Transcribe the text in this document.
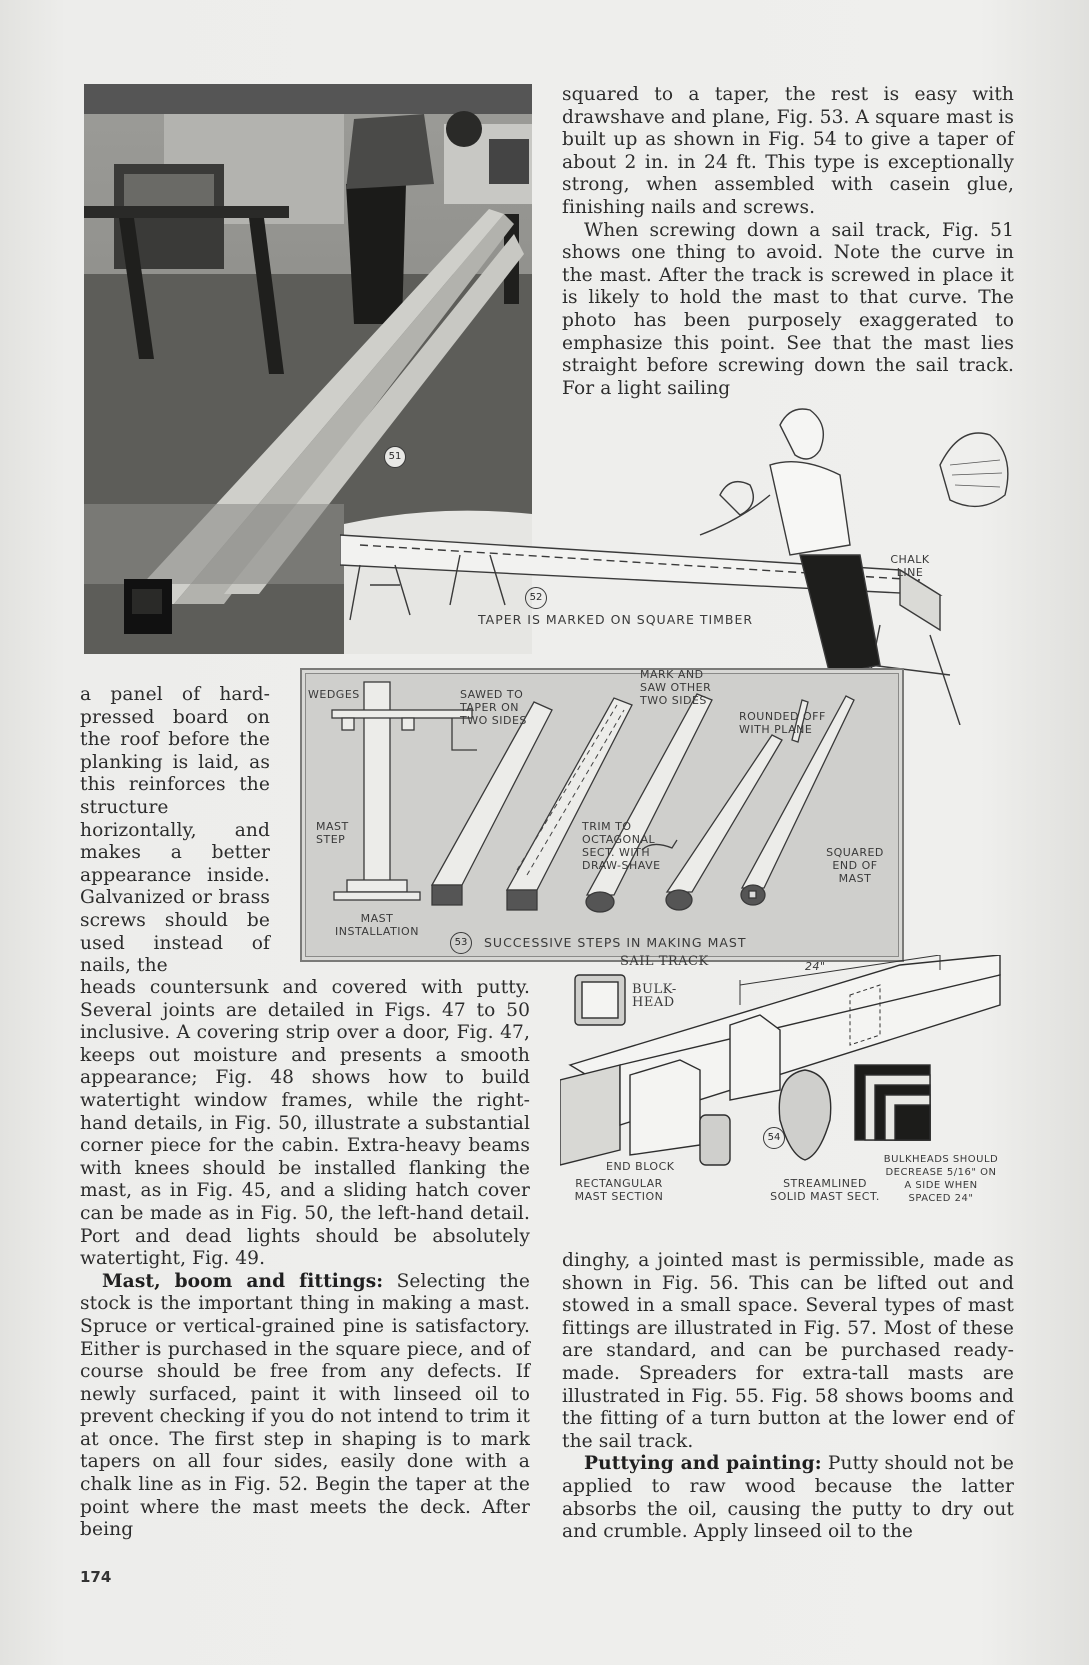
51

squared to a taper, the rest is easy with drawshave and plane, Fig. 53. A square mast is built up as shown in Fig. 54 to give a taper of about 2 in. in 24 ft. This type is exceptionally strong, when assembled with casein glue, finishing nails and screws.

When screwing down a sail track, Fig. 51 shows one thing to avoid. Note the curve in the mast. After the track is screwed in place it is likely to hold the mast to that curve. The photo has been purposely exaggerated to emphasize this point. See that the mast lies straight before screwing down the sail track. For a light sailing

CHALK LINE
52
TAPER IS MARKED ON SQUARE TIMBER

a panel of hard-pressed board on the roof before the planking is laid, as this reinforces the structure horizontally, and makes a better appearance inside. Galvanized or brass screws should be used instead of nails, the

WEDGES
MAST STEP
MAST INSTALLATION
SAWED TO TAPER ON TWO SIDES
MARK AND SAW OTHER TWO SIDES
ROUNDED OFF WITH PLANE
TRIM TO OCTAGONAL SECT. WITH DRAW-SHAVE
SQUARED END OF MAST
53	SUCCESSIVE STEPS IN MAKING MAST
SAIL TRACK
BULK-HEAD
24"
END BLOCK
RECTANGULAR MAST SECTION
54
STREAMLINED SOLID MAST SECT.
BULKHEADS SHOULD DECREASE 5/16" ON A SIDE WHEN SPACED 24"

heads countersunk and covered with putty. Several joints are detailed in Figs. 47 to 50 inclusive. A covering strip over a door, Fig. 47, keeps out moisture and presents a smooth appearance; Fig. 48 shows how to build watertight window frames, while the right-hand details, in Fig. 50, illustrate a substantial corner piece for the cabin. Extra-heavy beams with knees should be installed flanking the mast, as in Fig. 45, and a sliding hatch cover can be made as in Fig. 50, the left-hand detail. Port and dead lights should be absolutely watertight, Fig. 49.

Mast, boom and fittings: Selecting the stock is the important thing in making a mast. Spruce or vertical-grained pine is satisfactory. Either is purchased in the square piece, and of course should be free from any defects. If newly surfaced, paint it with linseed oil to prevent checking if you do not intend to trim it at once. The first step in shaping is to mark tapers on all four sides, easily done with a chalk line as in Fig. 52. Begin the taper at the point where the mast meets the deck. After being

dinghy, a jointed mast is permissible, made as shown in Fig. 56. This can be lifted out and stowed in a small space. Several types of mast fittings are illustrated in Fig. 57. Most of these are standard, and can be purchased ready-made. Spreaders for extra-tall masts are illustrated in Fig. 55. Fig. 58 shows booms and the fitting of a turn button at the lower end of the sail track.

Puttying and painting: Putty should not be applied to raw wood because the latter absorbs the oil, causing the putty to dry out and crumble. Apply linseed oil to the

174
